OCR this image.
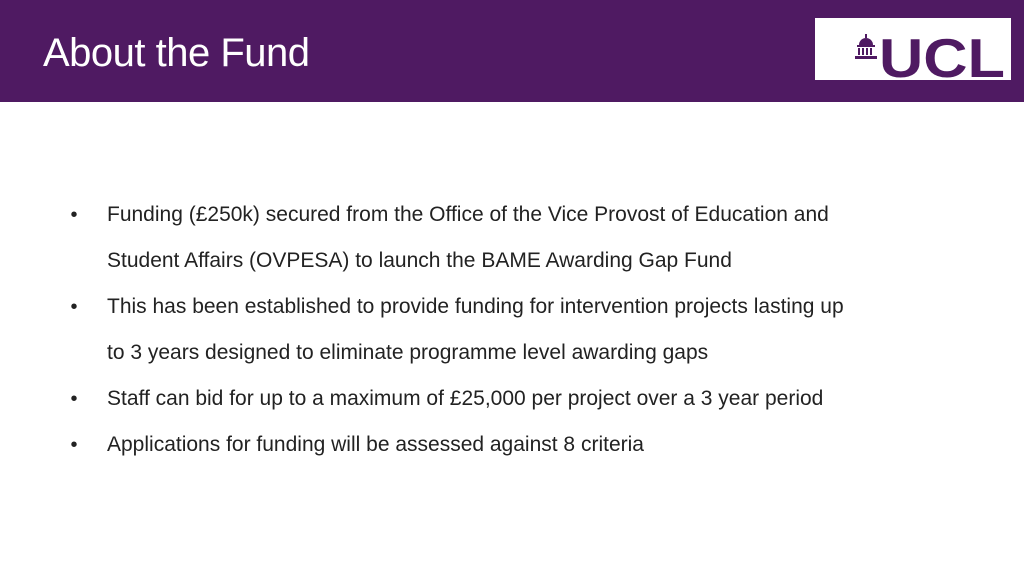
About the Fund	UCL
• Funding (£250k) secured from the Office of the Vice Provost of Education and
Student Affairs (OVPESA) to launch the BAME Awarding Gap Fund
• This has been established to provide funding for intervention projects lasting up
to 3 years designed to eliminate programme level awarding gaps
• Staff can bid for up to a maximum of £25,000 per project over a 3 year period
• Applications for funding will be assessed against 8 criteria
